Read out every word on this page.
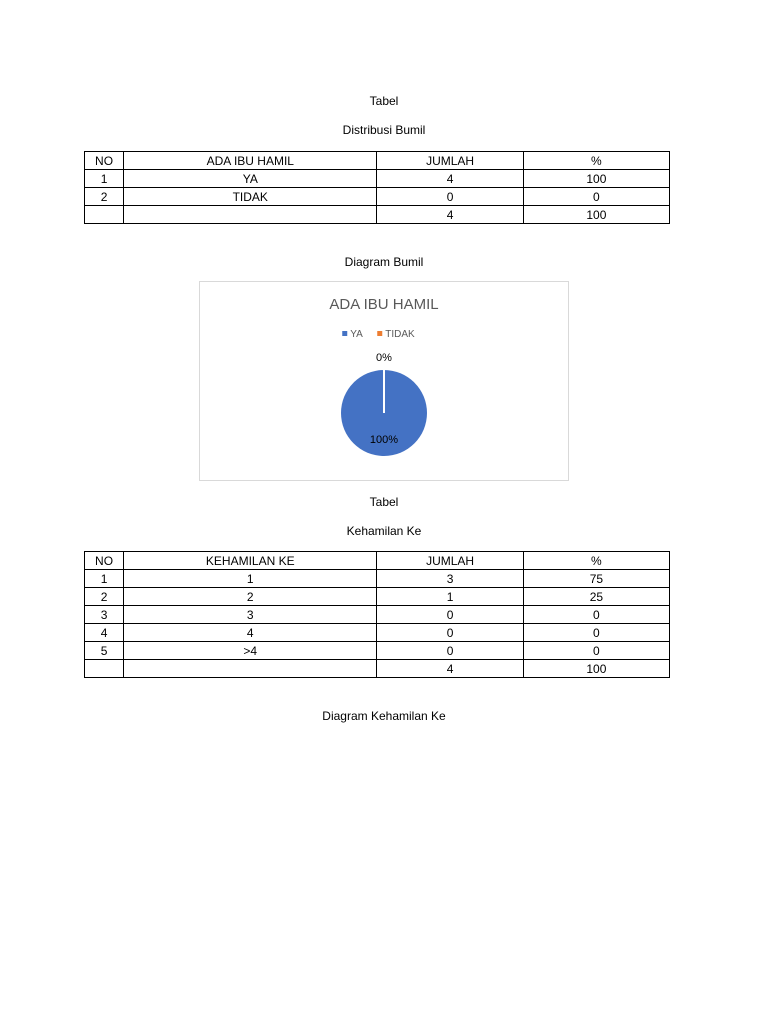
Tabel
Distribusi Bumil
NO	ADA IBU HAMIL	JUMLAH	%
1	YA	4	100
2	TIDAK	0	0
		4	100
Diagram Bumil
ADA IBU HAMIL
YA TIDAK
100%
0%
Tabel
Kehamilan Ke
NO	KEHAMILAN KE	JUMLAH	%
1	1	3	75
2	2	1	25
3	3	0	0
4	4	0	0
5	>4	0	0
		4	100
Diagram Kehamilan Ke
